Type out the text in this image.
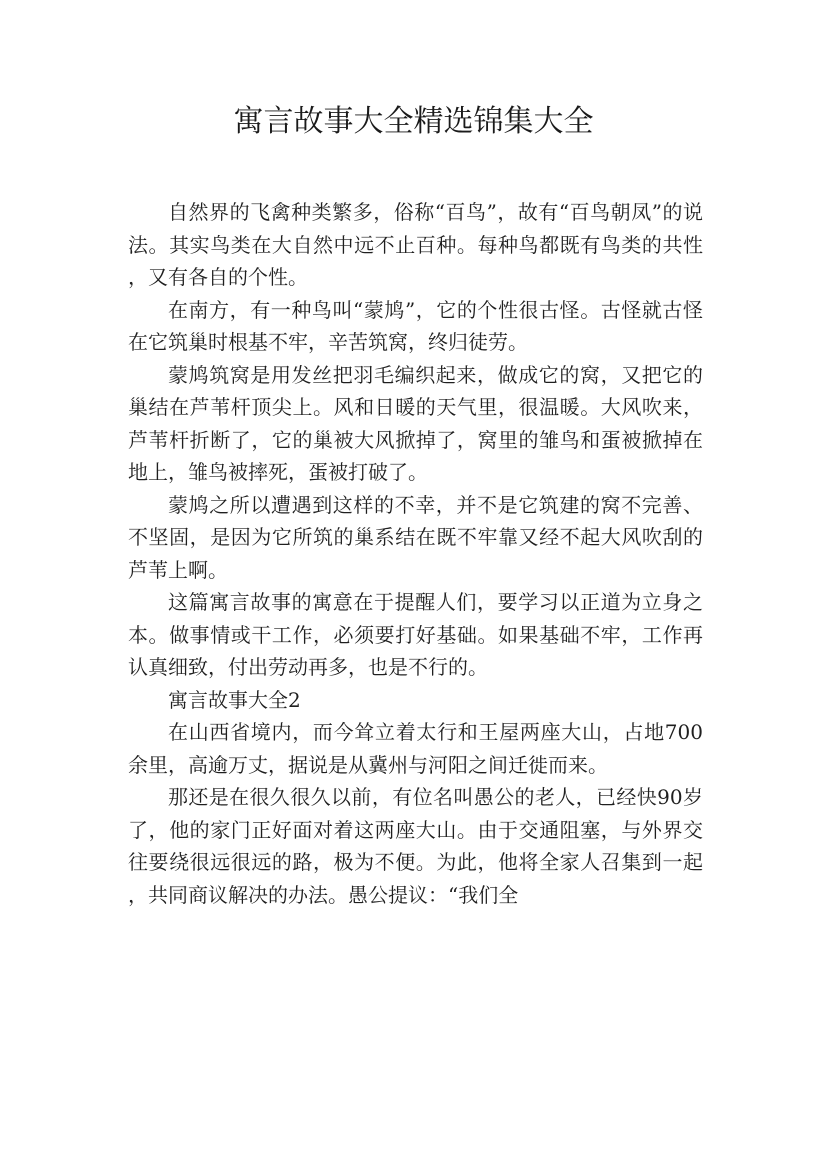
寓言故事大全精选锦集大全

自然界的飞禽种类繁多，俗称“百鸟”，故有“百鸟朝凤”的说法。其实鸟类在大自然中远不止百种。每种鸟都既有鸟类的共性，又有各自的个性。

在南方，有一种鸟叫“蒙鸠”，它的个性很古怪。古怪就古怪在它筑巢时根基不牢，辛苦筑窝，终归徒劳。

蒙鸠筑窝是用发丝把羽毛编织起来，做成它的窝，又把它的巢结在芦苇杆顶尖上。风和日暖的天气里，很温暖。大风吹来，芦苇杆折断了，它的巢被大风掀掉了，窝里的雏鸟和蛋被掀掉在地上，雏鸟被摔死，蛋被打破了。

蒙鸠之所以遭遇到这样的不幸，并不是它筑建的窝不完善、不坚固，是因为它所筑的巢系结在既不牢靠又经不起大风吹刮的芦苇上啊。

这篇寓言故事的寓意在于提醒人们，要学习以正道为立身之本。做事情或干工作，必须要打好基础。如果基础不牢，工作再认真细致，付出劳动再多，也是不行的。

寓言故事大全2

在山西省境内，而今耸立着太行和王屋两座大山，占地700余里，高逾万丈，据说是从冀州与河阳之间迁徙而来。

那还是在很久很久以前，有位名叫愚公的老人，已经快90岁了，他的家门正好面对着这两座大山。由于交通阻塞，与外界交往要绕很远很远的路，极为不便。为此，他将全家人召集到一起，共同商议解决的办法。愚公提议：“我们全
